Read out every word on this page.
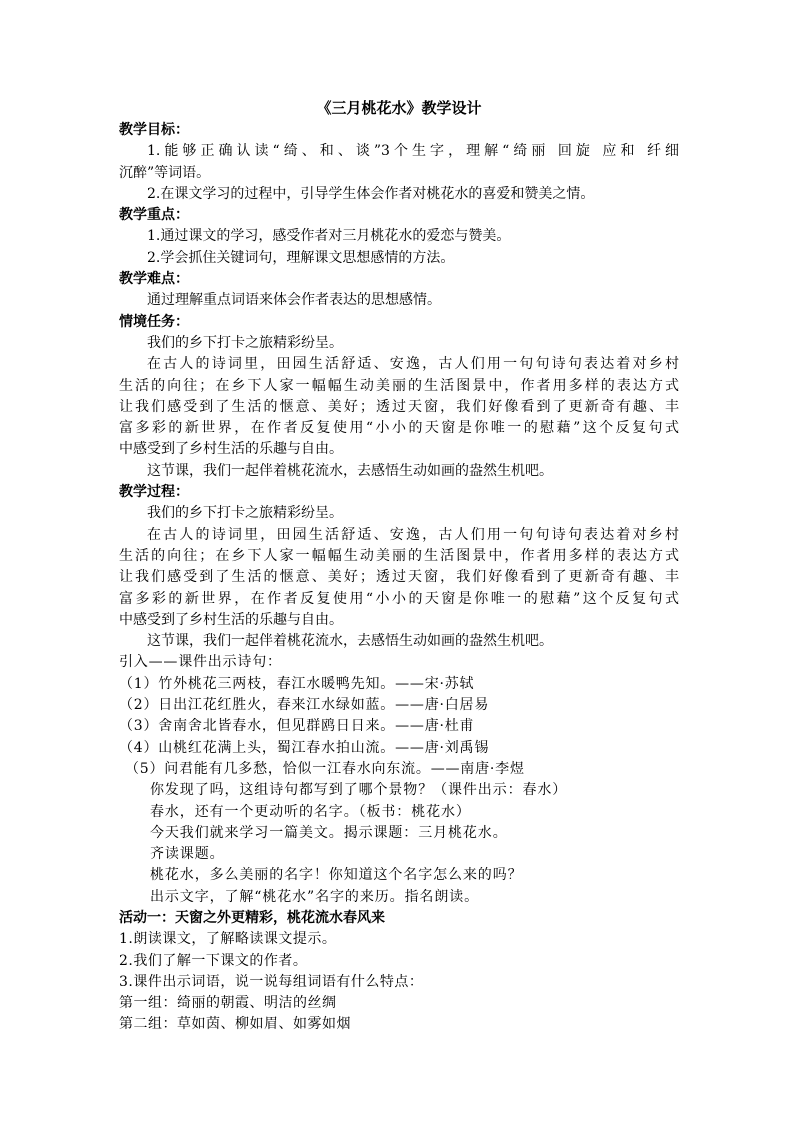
《三月桃花水》教学设计
教学目标：
1.能够正确认读“绮、和、谈”3个生字，理解“绮丽 回旋 应和 纤细
沉醉”等词语。
2.在课文学习的过程中，引导学生体会作者对桃花水的喜爱和赞美之情。
教学重点：
1.通过课文的学习，感受作者对三月桃花水的爱恋与赞美。
2.学会抓住关键词句，理解课文思想感情的方法。
教学难点：
通过理解重点词语来体会作者表达的思想感情。
情境任务：
我们的乡下打卡之旅精彩纷呈。
在古人的诗词里，田园生活舒适、安逸，古人们用一句句诗句表达着对乡村
生活的向往；在乡下人家一幅幅生动美丽的生活图景中，作者用多样的表达方式
让我们感受到了生活的惬意、美好；透过天窗，我们好像看到了更新奇有趣、丰
富多彩的新世界，在作者反复使用“小小的天窗是你唯一的慰藉”这个反复句式
中感受到了乡村生活的乐趣与自由。
这节课，我们一起伴着桃花流水，去感悟生动如画的盎然生机吧。
教学过程：
我们的乡下打卡之旅精彩纷呈。
在古人的诗词里，田园生活舒适、安逸，古人们用一句句诗句表达着对乡村
生活的向往；在乡下人家一幅幅生动美丽的生活图景中，作者用多样的表达方式
让我们感受到了生活的惬意、美好；透过天窗，我们好像看到了更新奇有趣、丰
富多彩的新世界，在作者反复使用“小小的天窗是你唯一的慰藉”这个反复句式
中感受到了乡村生活的乐趣与自由。
这节课，我们一起伴着桃花流水，去感悟生动如画的盎然生机吧。
引入——课件出示诗句：
（1）竹外桃花三两枝，春江水暖鸭先知。——宋·苏轼
（2）日出江花红胜火，春来江水绿如蓝。——唐·白居易
（3）舍南舍北皆春水，但见群鸥日日来。——唐·杜甫
（4）山桃红花满上头，蜀江春水拍山流。——唐·刘禹锡
（5）问君能有几多愁，恰似一江春水向东流。——南唐·李煜
你发现了吗，这组诗句都写到了哪个景物？（课件出示：春水）
春水，还有一个更动听的名字。（板书：桃花水）
今天我们就来学习一篇美文。揭示课题：三月桃花水。
齐读课题。
桃花水，多么美丽的名字！你知道这个名字怎么来的吗？
出示文字，了解“桃花水”名字的来历。指名朗读。
活动一：天窗之外更精彩，桃花流水春风来
1.朗读课文，了解略读课文提示。
2.我们了解一下课文的作者。
3.课件出示词语，说一说每组词语有什么特点：
第一组：绮丽的朝霞、明洁的丝绸
第二组：草如茵、柳如眉、如雾如烟
